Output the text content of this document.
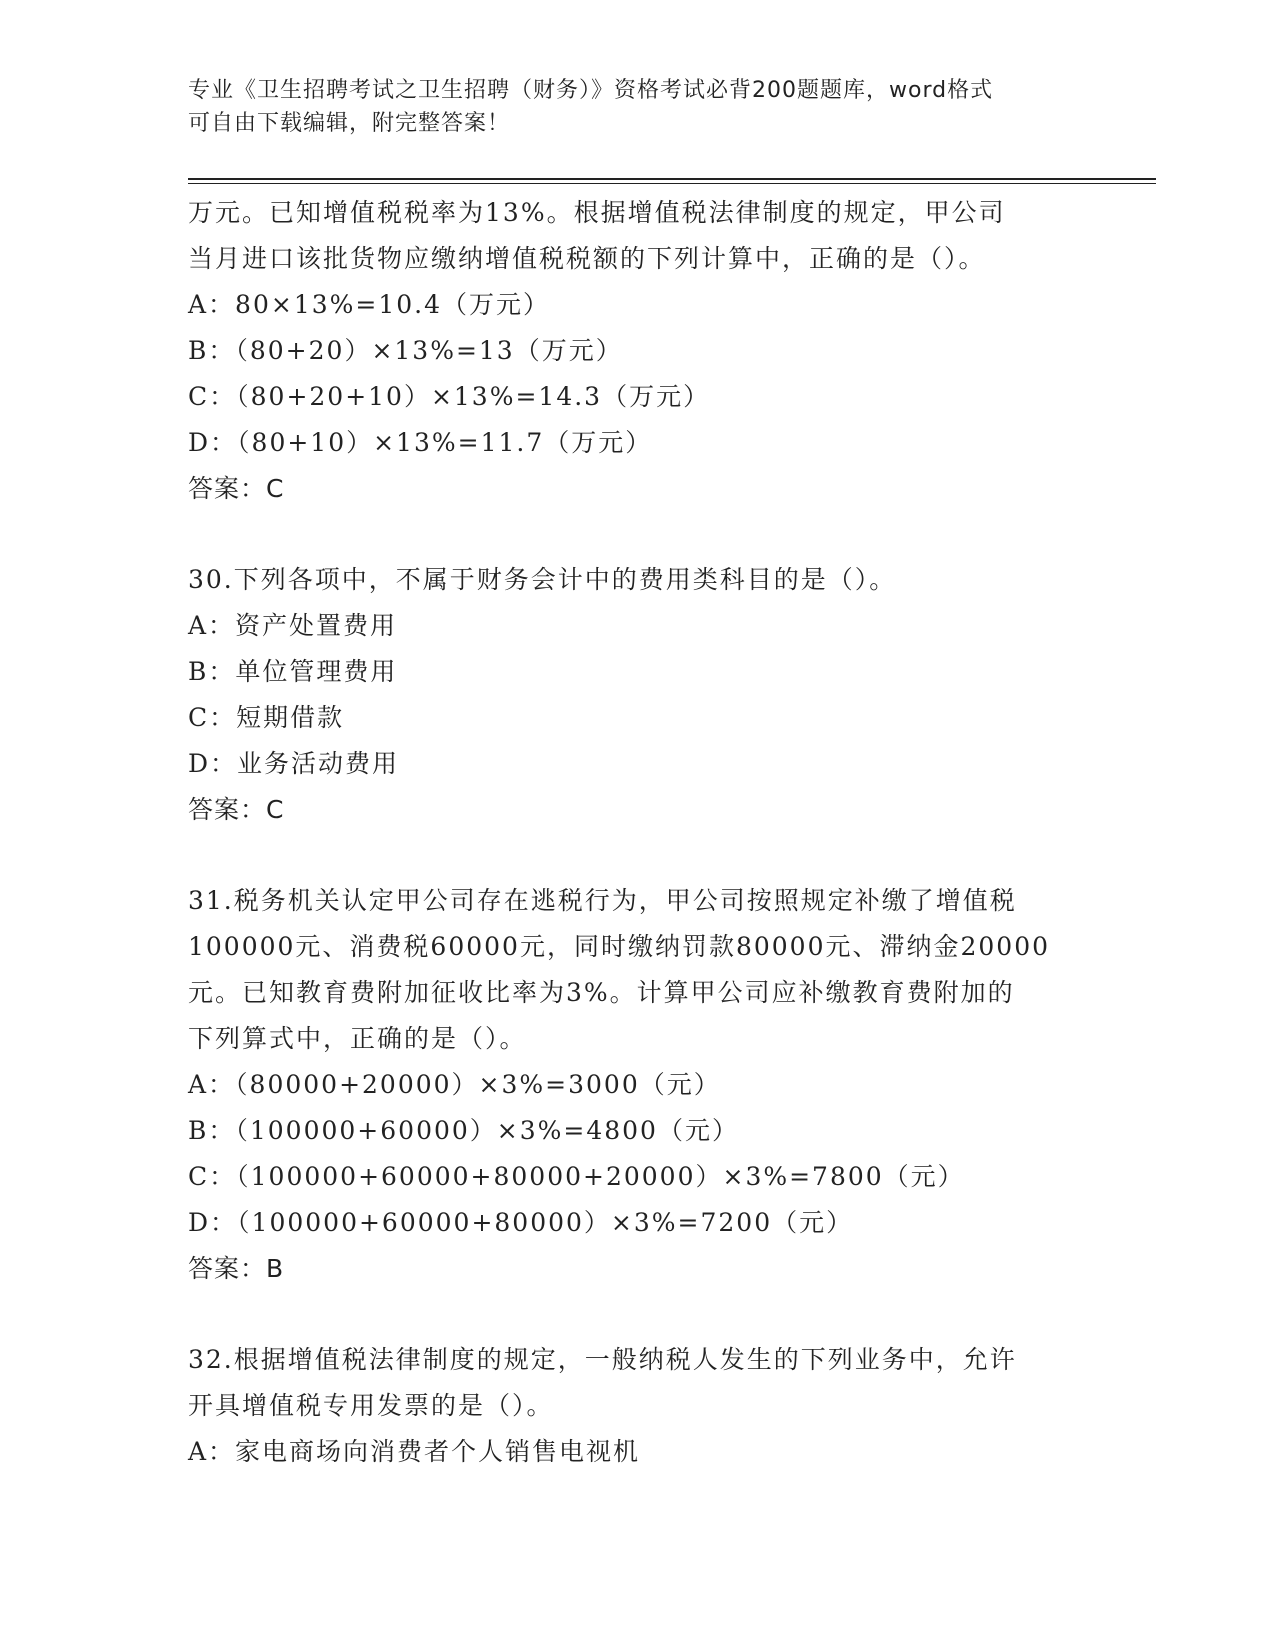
专业《卫生招聘考试之卫生招聘（财务）》资格考试必背200题题库，word格式
可自由下载编辑，附完整答案！
万元。已知增值税税率为13%。根据增值税法律制度的规定，甲公司
当月进口该批货物应缴纳增值税税额的下列计算中，正确的是（）。
A：80×13%=10.4（万元）
B：（80+20）×13%=13（万元）
C：（80+20+10）×13%=14.3（万元）
D：（80+10）×13%=11.7（万元）
答案：C
30.下列各项中，不属于财务会计中的费用类科目的是（）。
A：资产处置费用
B：单位管理费用
C：短期借款
D：业务活动费用
答案：C
31.税务机关认定甲公司存在逃税行为，甲公司按照规定补缴了增值税
100000元、消费税60000元，同时缴纳罚款80000元、滞纳金20000
元。已知教育费附加征收比率为3%。计算甲公司应补缴教育费附加的
下列算式中，正确的是（）。
A：（80000+20000）×3%=3000（元）
B：（100000+60000）×3%=4800（元）
C：（100000+60000+80000+20000）×3%=7800（元）
D：（100000+60000+80000）×3%=7200（元）
答案：B
32.根据增值税法律制度的规定，一般纳税人发生的下列业务中，允许
开具增值税专用发票的是（）。
A：家电商场向消费者个人销售电视机
